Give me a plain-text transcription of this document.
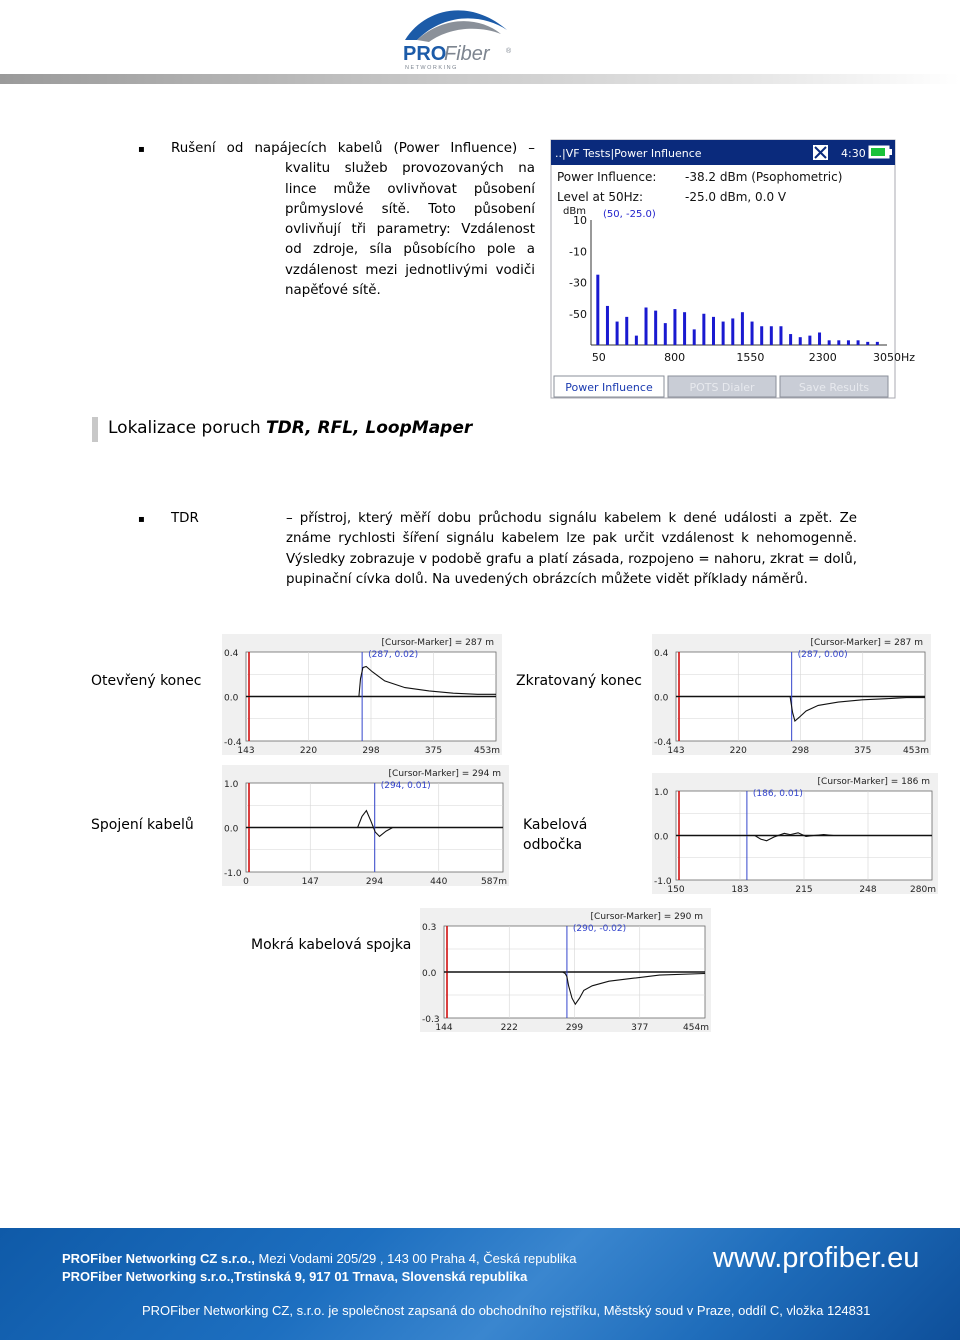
PRO
Fiber ®
N E T W O R K I N G
▪ Rušení od napájecích kabelů (Power Influence) – kvalitu služeb provozovaných na lince může ovlivňovat působení průmyslové sítě. Toto působení ovlivňují tři parametry: Vzdálenost od zdroje, síla působícího pole a vzdálenost mezi jednotlivými vodiči napěťové sítě.
..|VF Tests|Power Influence	4:30
Power Influence: -38.2 dBm (Psophometric)
Level at 50Hz:	-25.0 dBm, 0.0 V
dBm (50, -25.0)
10
-10
-30
-50
50	800	1550	2300	3050Hz
Power Influence	POTS Dialer	Save Results
Lokalizace poruch TDR, RFL, LoopMaper
▪ TDR	– přístroj, který měří dobu průchodu signálu kabelem k dené události a zpět. Ze známe rychlosti šíření signálu kabelem lze pak určit vzdálenost k nehomogenně. Výsledky zobrazuje v podobě grafu a platí zásada, rozpojeno = nahoru, zkrat = dolů, pupinační cívka dolů. Na uvedených obrázcích můžete vidět příklady náměrů.
Otevřený konec	Zkratovaný konec
Spojení kabelů	Kabelová odbočka
Mokrá kabelová spojka
0.4
0.0
-0.4
143	220	298	375	453m
[Cursor-Marker] = 287 m
(287, 0.02)	0.4
0.0
-0.4
143	220	298	375	453m
[Cursor-Marker] = 287 m
(287, 0.00)
1.0
0.0
-1.0
0	147	294	440	587m
[Cursor-Marker] = 294 m
(294, 0.01)
1.0
0.0
-1.0
150	183	215	248	280m
[Cursor-Marker] = 186 m
(186, 0.01)
0.3
0.0
-0.3
144	222	299	377	454m
[Cursor-Marker] = 290 m
(290, -0.02)
PROFiber Networking CZ s.r.o., Mezi Vodami 205/29 , 143 00 Praha 4, Česká republika
PROFiber Networking s.r.o.,Trstinská 9, 917 01 Trnava, Slovenská republika
www.profiber.eu
PROFiber Networking CZ, s.r.o. je společnost zapsaná do obchodního rejstříku, Městský soud v Praze, oddíl C, vložka 124831
